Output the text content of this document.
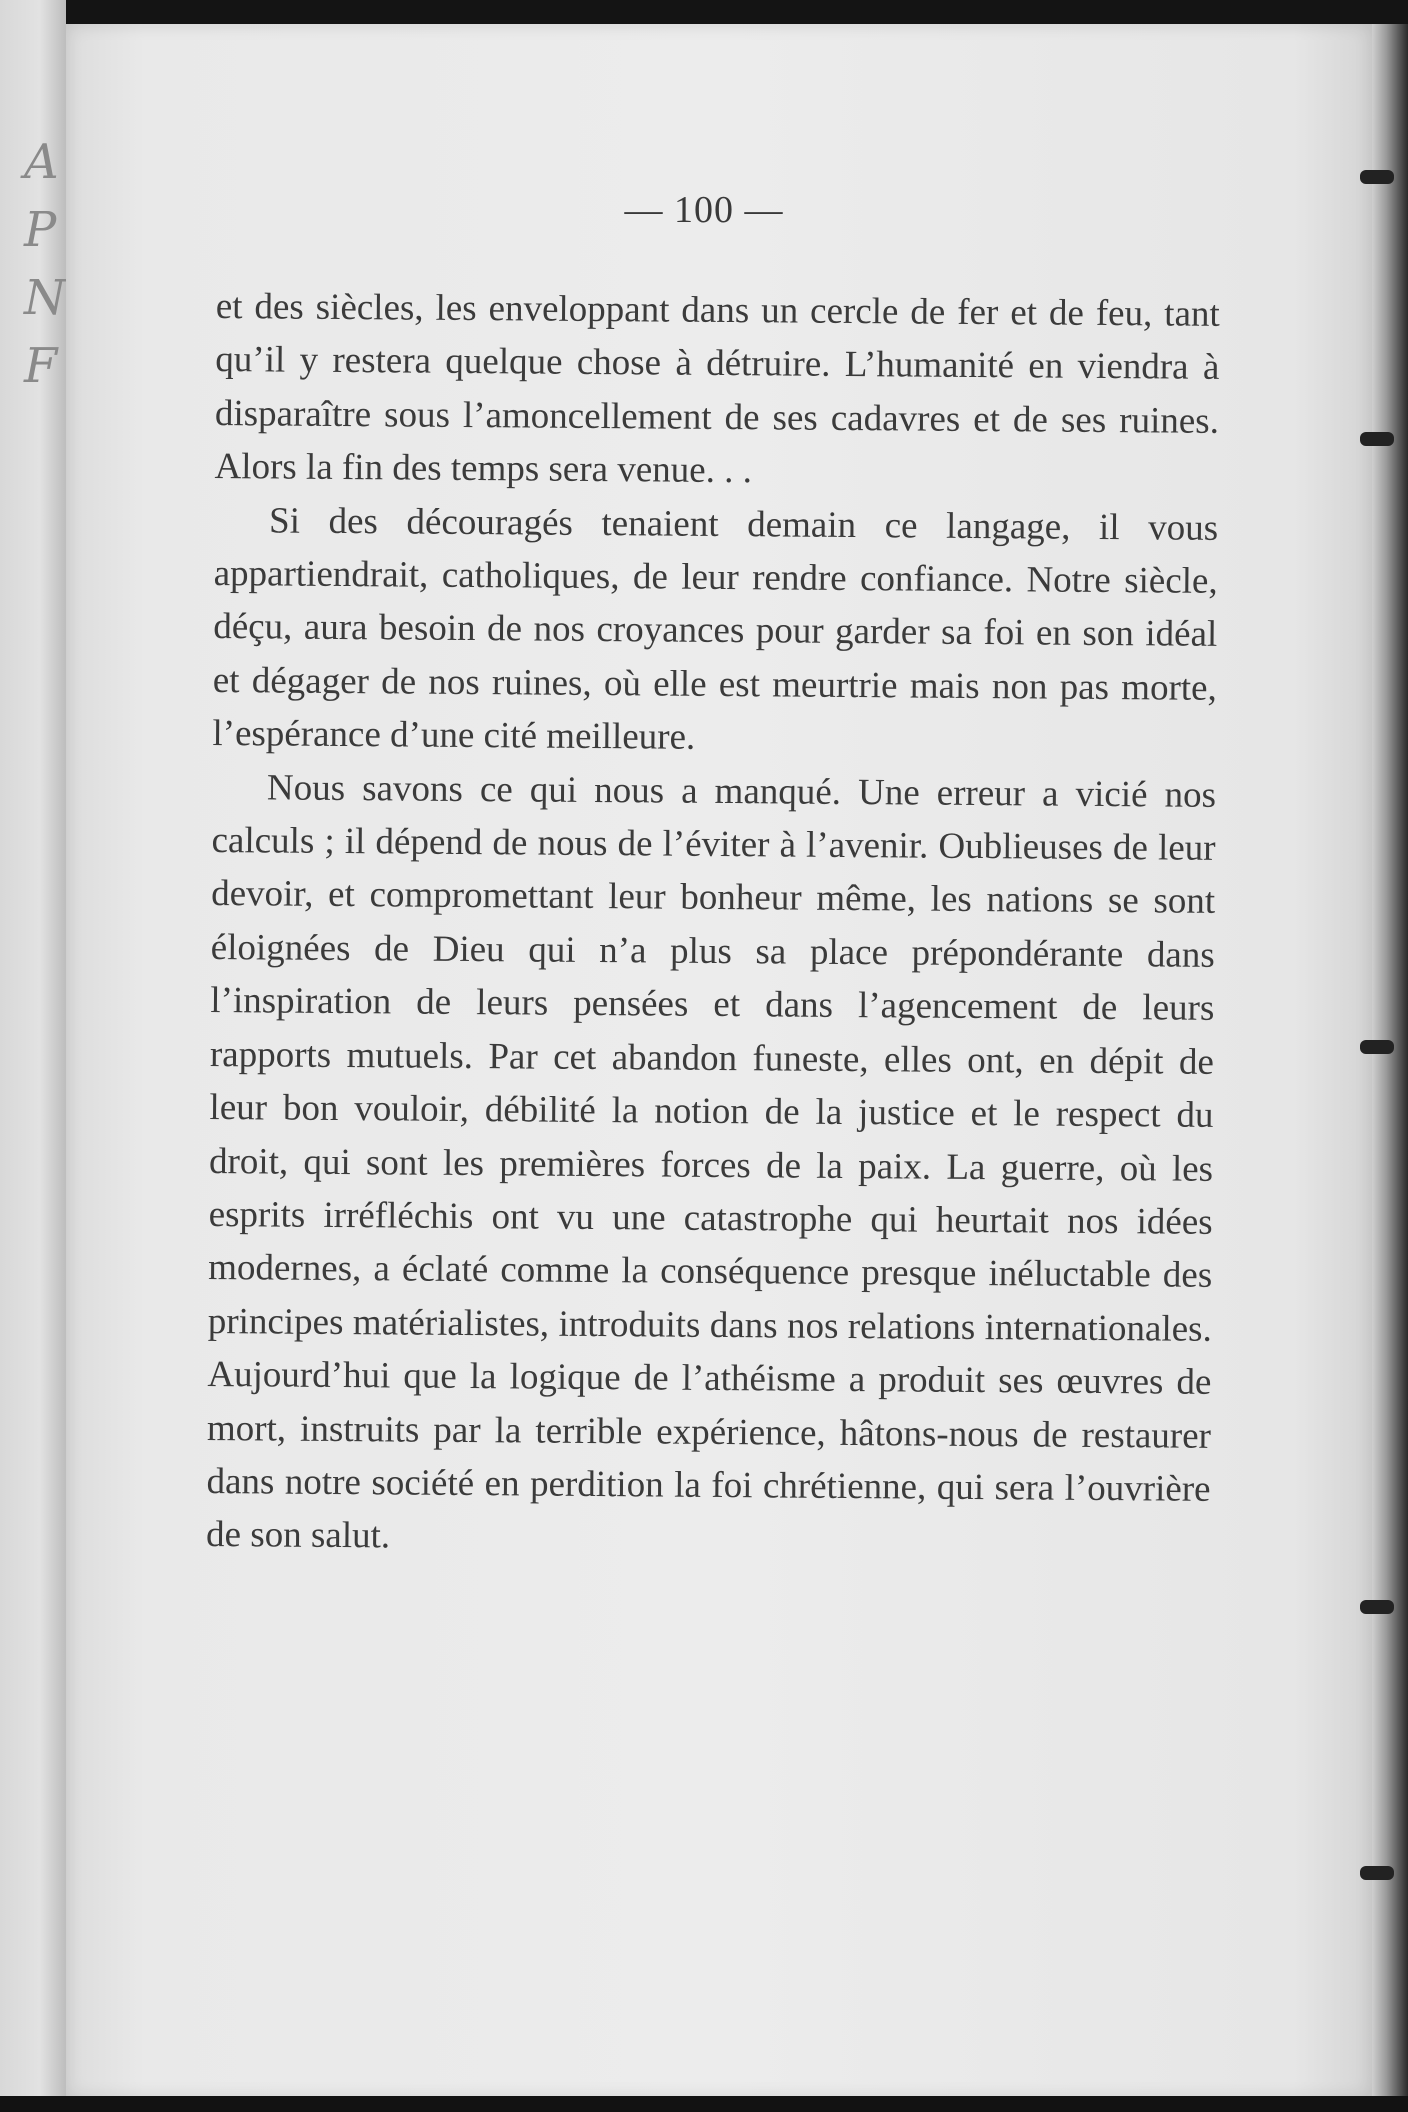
A P N F
— 100 —

et des siècles, les enveloppant dans un cercle de fer et de feu, tant qu’il y restera quelque chose à détruire. L’humanité en viendra à disparaître sous l’amoncellement de ses cadavres et de ses ruines. Alors la fin des temps sera venue. . .

Si des découragés tenaient demain ce langage, il vous appartiendrait, catholiques, de leur rendre confiance. Notre siècle, déçu, aura besoin de nos croyances pour garder sa foi en son idéal et dégager de nos ruines, où elle est meurtrie mais non pas morte, l’espérance d’une cité meilleure.

Nous savons ce qui nous a manqué. Une erreur a vicié nos calculs ; il dépend de nous de l’éviter à l’avenir. Oublieuses de leur devoir, et compromettant leur bonheur même, les nations se sont éloignées de Dieu qui n’a plus sa place prépondérante dans l’inspiration de leurs pensées et dans l’agencement de leurs rapports mutuels. Par cet abandon funeste, elles ont, en dépit de leur bon vouloir, débilité la notion de la justice et le respect du droit, qui sont les premières forces de la paix. La guerre, où les esprits irréfléchis ont vu une catastrophe qui heurtait nos idées modernes, a éclaté comme la conséquence presque inéluctable des principes matérialistes, introduits dans nos relations internationales. Aujourd’hui que la logique de l’athéisme a produit ses œuvres de mort, instruits par la terrible expérience, hâtons-nous de restaurer dans notre société en perdition la foi chrétienne, qui sera l’ouvrière de son salut.
